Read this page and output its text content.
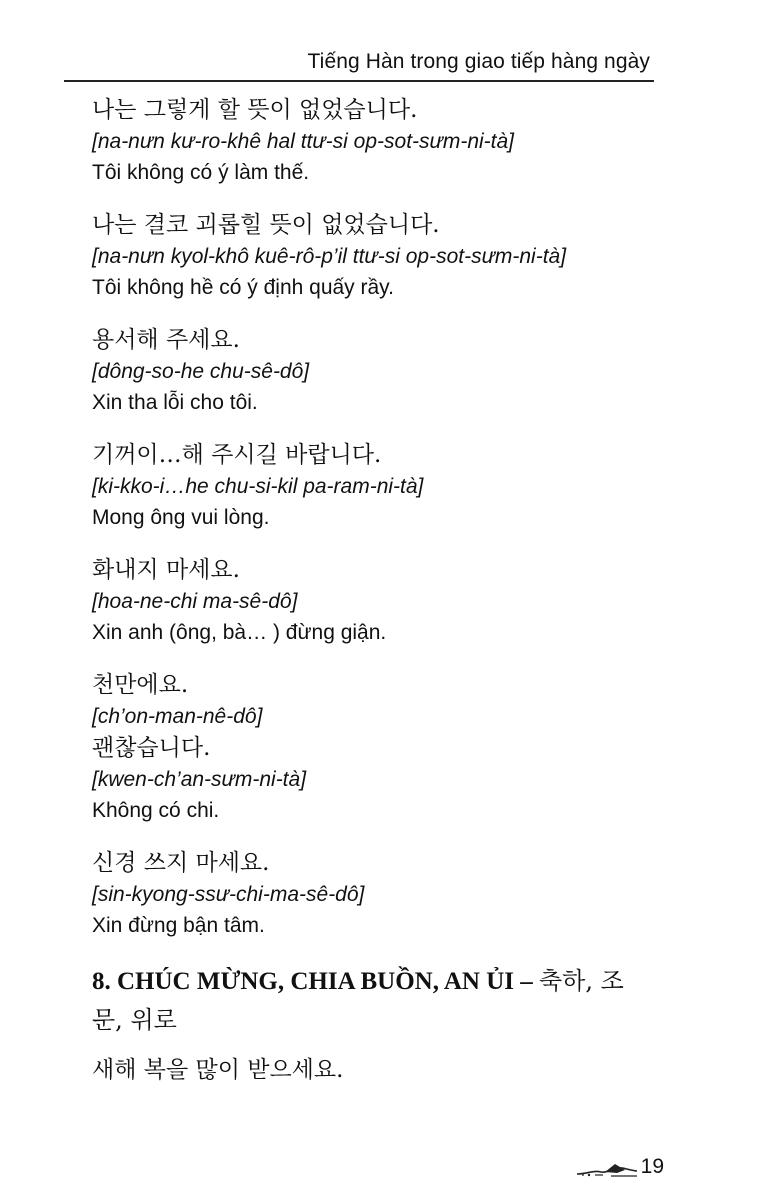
Tiếng Hàn trong giao tiếp hàng ngày
나는 그렇게 할 뜻이 없었습니다.
[na-nưn kư-ro-khê hal ttư-si op-sot-sưm-ni-tà]
Tôi không có ý làm thế.
나는 결코 괴롭힐 뜻이 없었습니다.
[na-nưn kyol-khô kuê-rô-p’il ttư-si op-sot-sưm-ni-tà]
Tôi không hề có ý định quấy rầy.
용서해 주세요.
[dông-so-he chu-sê-dô]
Xin tha lỗi cho tôi.
기꺼이…해 주시길 바랍니다.
[ki-kko-i…he chu-si-kil pa-ram-ni-tà]
Mong ông vui lòng.
화내지 마세요.
[hoa-ne-chi ma-sê-dô]
Xin anh (ông, bà… ) đừng giận.
천만에요.
[ch’on-man-nê-dô]
괜찮습니다.
[kwen-ch’an-sưm-ni-tà]
Không có chi.
신경 쓰지 마세요.
[sin-kyong-ssư-chi-ma-sê-dô]
Xin đừng bận tâm.
8. CHÚC MỪNG, CHIA BUỒN, AN ỦI – 축하, 조문, 위로
새해 복을 많이 받으세요.
19
